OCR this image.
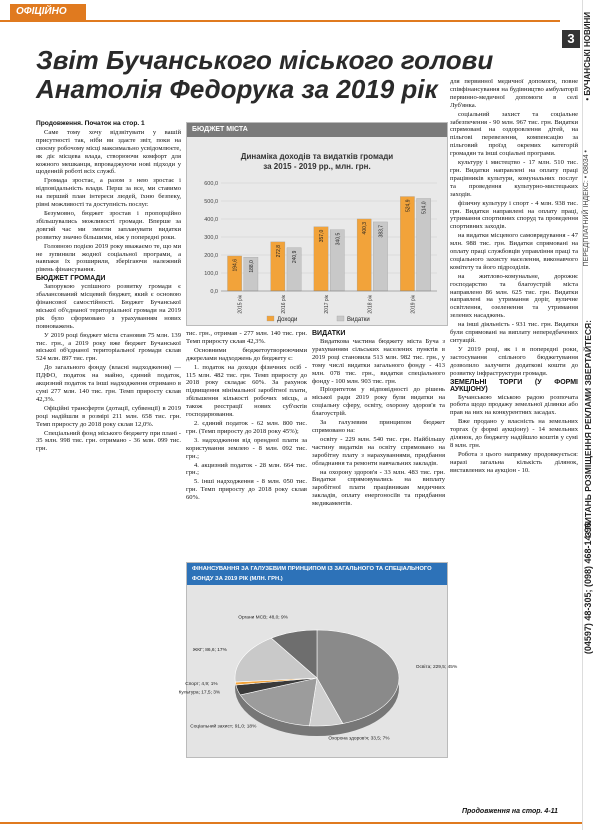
ОФІЦІЙНО
3	• БУЧАНСЬКІ НОВИНИ
ПЕРЕДПЛАТНИЙ ІНДЕКС: • 08034 •
З ПИТАНЬ РОЗМІЩЕННЯ РЕКЛАМИ ЗВЕРТАЙТЕСЯ:
(04597) 48-305; (098) 468-14-96.
Звіт Бучанського міського голови Анатолія Федорука за 2019 рік

Продовження. Початок на стор. 1

Саме тому хочу відзвітувати у вашій присутності так, ніби ви здаєте звіт, поки на своєму робочому місці максимально усвідомлюєте, як діє місцева влада, створюючи комфорт для кожного мешканця, впроваджуючи нові підходи у щоденній роботі всіх служб.

Громада зростає, а разом з нею зростає і відповідальність влади. Перш за все, ми ставимо на перший план інтереси людей, їхню безпеку, рівні можливості та доступність послуг.

Безумовно, бюджет зростав і пропорційно збільшувались можливості громади. Вперше за довгий час ми змогли запланувати видатки розвитку значно більшими, ніж у попередні роки.

Головною подією 2019 року вважаємо те, що ми не зупинили жодної соціальної програми, а навпаки їх розширили, зберігаючи належний рівень фінансування.

БЮДЖЕТ ГРОМАДИ

Запорукою успішного розвитку громади є збалансований місцевий бюджет, який є основою фінансової самостійності. Бюджет Бучанської міської об'єднаної територіальної громади на 2019 рік було сформовано з урахуванням нових повноважень.

У 2019 році бюджет міста становив 75 млн. 139 тис. грн., а 2019 року вже бюджет Бучанської міської об'єднаної територіальної громади склав 524 млн. 897 тис. грн.

До загального фонду (власні надходження) — ПДФО, податок на майно, єдиний податок, акцизний податок та інші надходження отримано в сумі 277 млн. 140 тис. грн. Темп приросту склав 42,3%.

Офіційні трансферти (дотації, субвенції) в 2019 році надійшли в розмірі 211 млн. 658 тис. грн. Темп приросту до 2018 року склав 12,0%.

Спеціальний фонд міського бюджету при плані - 35 млн. 998 тис. грн. отримано - 36 млн. 099 тис. грн.

БЮДЖЕТ МІСТА
Динаміка доходів та видатків громади
за 2015 - 2019 рр., млн. грн.
0,0
100,0
200,0
300,0
400,0
500,0
600,0
194,6 188,0
2015 рік
272,8 240,9
2016 рік
357,0 340,5
2017 рік
400,3 383,7
2018 рік
524,9 514,0
2019 рік
Доходи	Видатки

тис. грн., отримав - 277 млн. 140 тис. грн. Темп приросту склав 42,3%.

Основними бюджетоутворюючими джерелами надходжень до бюджету є:

1. податок на доходи фізичних осіб - 115 млн. 482 тис. грн. Темп приросту до 2018 року складає 60%. За рахунок підвищення мінімальної заробітної плати, збільшення кількості робочих місць, а також реєстрації нових суб'єктів господарювання.

2. єдиний податок - 62 млн. 800 тис. грн. (Темп приросту до 2018 року 45%);

3. надходження від орендної плати за користування землею - 8 млн. 092 тис. грн.;

4. акцизний податок - 28 млн. 664 тис. грн.;

5. інші надходження - 8 млн. 050 тис. грн. Темп приросту до 2018 року склав 60%.

ВИДАТКИ

Видаткова частина бюджету міста Буча з урахуванням сільських населених пунктів в 2019 році становила 513 млн. 982 тис. грн., у тому числі видатки загального фонду - 413 млн. 078 тис. грн., видатки спеціального фонду - 100 млн. 903 тис. грн.

Пріоритетом у відповідності до рішень міської ради 2019 року були видатки на соціальну сферу, освіту, охорону здоров'я та благоустрій.

За галузевим принципом бюджет спрямовано на:

освіту - 229 млн. 540 тис. грн. Найбільшу частину видатків на освіту спрямовано на заробітну плату з нарахуваннями, придбання обладнання та ремонти навчальних закладів.

на охорону здоров'я - 33 млн. 483 тис. грн. Видатки спрямовувались на виплату заробітної плати працівникам медичних закладів, оплату енергоносіїв та придбання медикаментів.

ФІНАНСУВАННЯ ЗА ГАЛУЗЕВИМ ПРИНЦИПОМ ІЗ ЗАГАЛЬНОГО ТА СПЕЦІАЛЬНОГО ФОНДУ ЗА 2019 РІК (МЛН. ГРН.)
Освіта; 229,5; 45%
Охорона здоров'я; 33,5; 7%
Соціальний захист; 91,0; 18%
Культура; 17,5; 3%
Спорт; 4,9; 1%
ЖКГ; 86,6; 17%
Органи МСВ; 48,0; 9%

для первинної медичної допомоги, повне співфінансування на будівництво амбулаторії первинно-медичної допомоги в селі Луб'янка.

соціальний захист та соціальне забезпечення - 90 млн. 967 тис. грн. Видатки спрямовані на оздоровлення дітей, на пільгові перевезення, компенсацію за пільговий проїзд окремих категорій громадян та інші соціальні програми.

культуру і мистецтво - 17 млн. 510 тис. грн. Видатки направлені на оплату праці працівників культури, комунальних послуг та проведення культурно-мистецьких заходів.

фізичну культуру і спорт - 4 млн. 938 тис. грн. Видатки направлені на оплату праці, утримання спортивних споруд та проведення спортивних заходів.

на видатки місцевого самоврядування - 47 млн. 988 тис. грн. Видатки спрямовані на оплату праці службовців управління праці та соціального захисту населення, виконавчого комітету та його підрозділів.

на житлово-комунальне, дорожнє господарство та благоустрій міста направлено 86 млн. 625 тис. грн. Видатки направлені на утримання доріг, вуличне освітлення, озеленення та утримання зелених насаджень.

на інші діяльність - 931 тис. грн. Видатки були спрямовані на виплату непередбачених ситуацій.

У 2019 році, як і в попередні роки, застосування спільного бюджетування дозволило залучити додаткові кошти до розвитку інфраструктури громади.

ЗЕМЕЛЬНІ ТОРГИ (У ФОРМІ АУКЦІОНУ)

Бучанською міською радою розпочата робота щодо продажу земельної ділянки або прав на них на конкурентних засадах.

Вже продано у власність на земельних торгах (у формі аукціону) - 14 земельних ділянок, до бюджету надійшло коштів у сумі 8 млн. грн.

Робота з цього напрямку продовжується: наразі загальна кількість ділянок, виставлених на аукціон - 10.

Продовження на стор. 4-11
